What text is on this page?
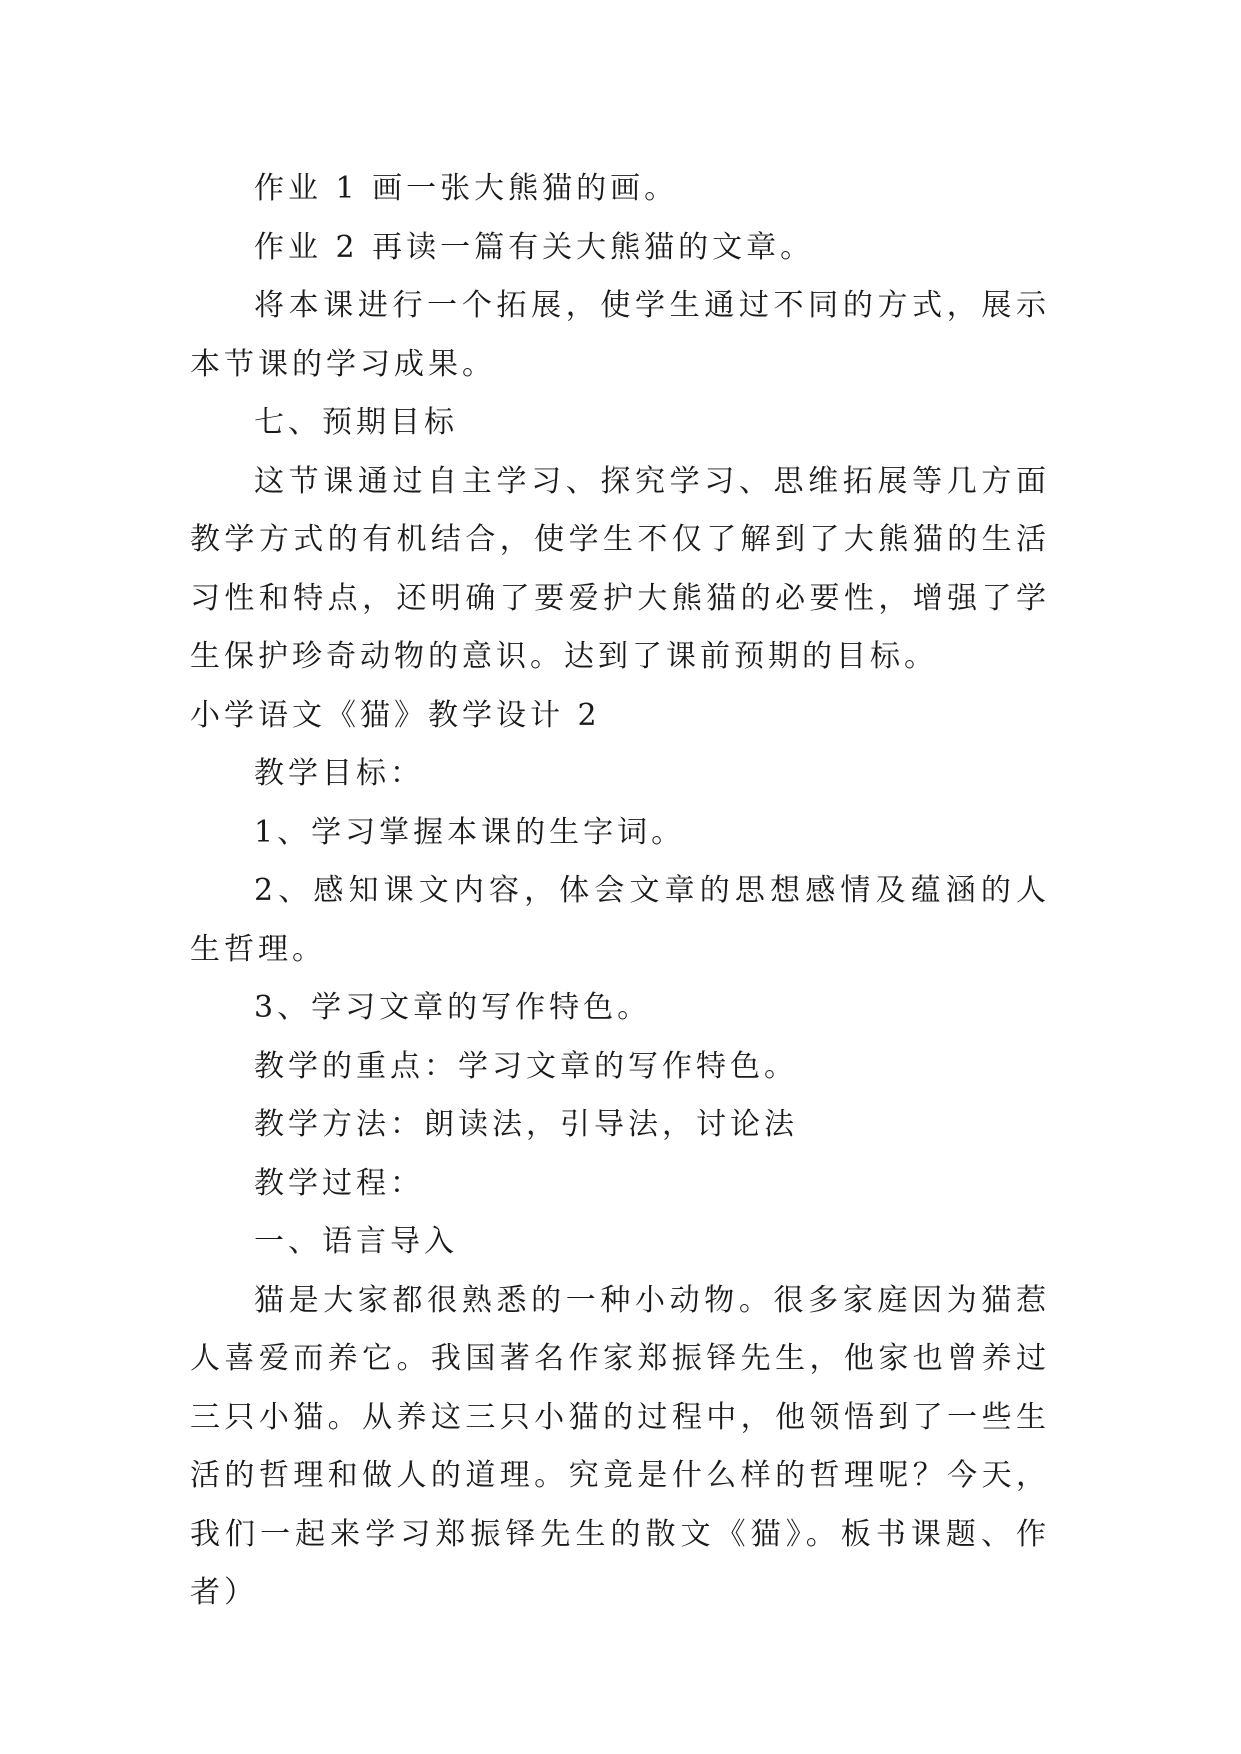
作业 1 画一张大熊猫的画。

作业 2 再读一篇有关大熊猫的文章。

将本课进行一个拓展，使学生通过不同的方式，展示本节课的学习成果。

七、预期目标

这节课通过自主学习、探究学习、思维拓展等几方面教学方式的有机结合，使学生不仅了解到了大熊猫的生活习性和特点，还明确了要爱护大熊猫的必要性，增强了学生保护珍奇动物的意识。达到了课前预期的目标。

小学语文《猫》教学设计 2

教学目标：

1、学习掌握本课的生字词。

2、感知课文内容，体会文章的思想感情及蕴涵的人生哲理。

3、学习文章的写作特色。

教学的重点：学习文章的写作特色。

教学方法：朗读法，引导法，讨论法

教学过程：

一、语言导入

猫是大家都很熟悉的一种小动物。很多家庭因为猫惹人喜爱而养它。我国著名作家郑振铎先生，他家也曾养过三只小猫。从养这三只小猫的过程中，他领悟到了一些生活的哲理和做人的道理。究竟是什么样的哲理呢？今天，我们一起来学习郑振铎先生的散文《猫》。板书课题、作者）
